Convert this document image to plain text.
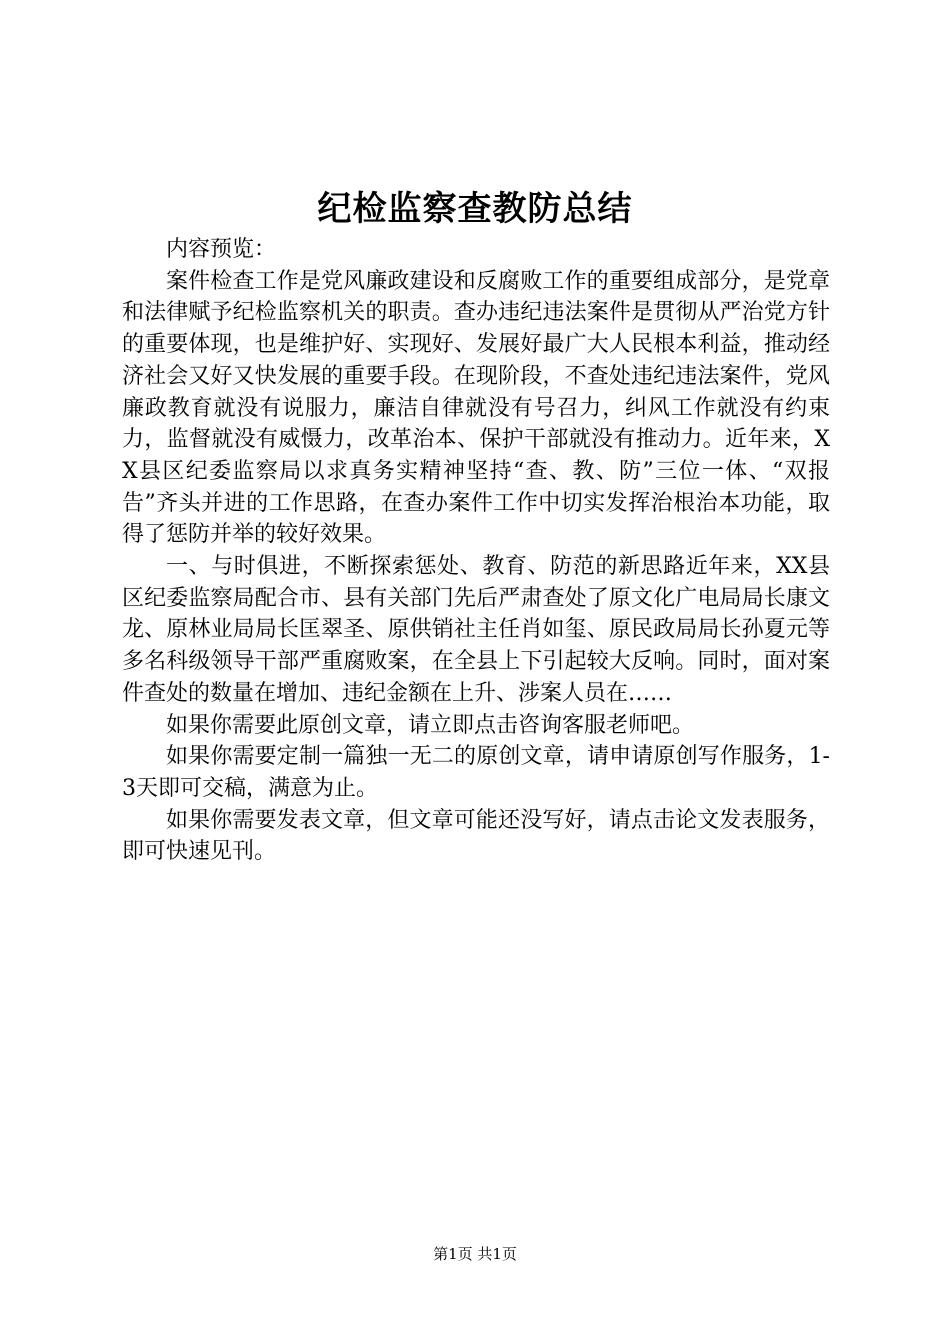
纪检监察查教防总结

内容预览：

案件检查工作是党风廉政建设和反腐败工作的重要组成部分，是党章和法律赋予纪检监察机关的职责。查办违纪违法案件是贯彻从严治党方针的重要体现，也是维护好、实现好、发展好最广大人民根本利益，推动经济社会又好又快发展的重要手段。在现阶段，不查处违纪违法案件，党风廉政教育就没有说服力，廉洁自律就没有号召力，纠风工作就没有约束力，监督就没有威慑力，改革治本、保护干部就没有推动力。近年来，XX县区纪委监察局以求真务实精神坚持“查、教、防”三位一体、“双报告”齐头并进的工作思路，在查办案件工作中切实发挥治根治本功能，取得了惩防并举的较好效果。

一、与时俱进，不断探索惩处、教育、防范的新思路近年来，XX县区纪委监察局配合市、县有关部门先后严肃查处了原文化广电局局长康文龙、原林业局局长匡翠圣、原供销社主任肖如玺、原民政局局长孙夏元等多名科级领导干部严重腐败案，在全县上下引起较大反响。同时，面对案件查处的数量在增加、违纪金额在上升、涉案人员在……

如果你需要此原创文章，请立即点击咨询客服老师吧。

如果你需要定制一篇独一无二的原创文章，请申请原创写作服务，1-3天即可交稿，满意为止。

如果你需要发表文章，但文章可能还没写好，请点击论文发表服务，即可快速见刊。

第1页 共1页
